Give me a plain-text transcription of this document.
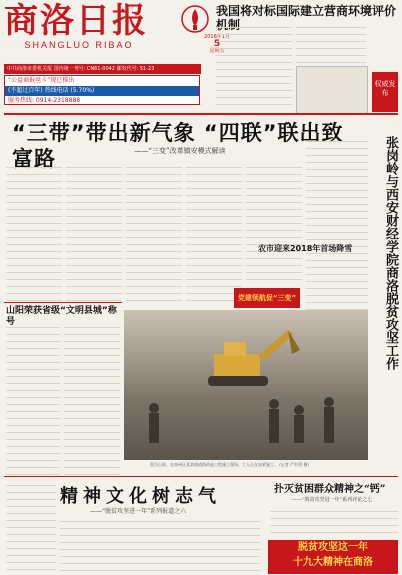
商洛日报
SHANGLUO RIBAO
2018年1月
5
星期五
中共商洛市委机关报 国内统一刊号: CN61-0042 邮发代号: 51-23
“公益商报丝卡”现已推出
(不超过百年) 热线电话 (5.70%)
服务热线: 0914-2318888
我国将对标国际建立营商环境评价机制
权威发布
“三带”带出新气象 “四联”联出致富路	——“三变”改革镇安模式解读	张岗岭与西安财经学院商洛脱贫攻坚工作
党建领航促“三变”
山阳荣获省级“文明县城”称号
图为日前，在商州区某某镇道路改造工程施工现场，工人正在加紧施工。 (记者 严有贵 摄)
农市迎来2018年首场降雪
精神文化树志气
——“脱贫攻坚进一年”系列报道之六
扑灭贫困群众精神之“钙”
——“脱贫攻坚进一年”系列评论之七
脱贫攻坚这一年
十九大精神在商洛
